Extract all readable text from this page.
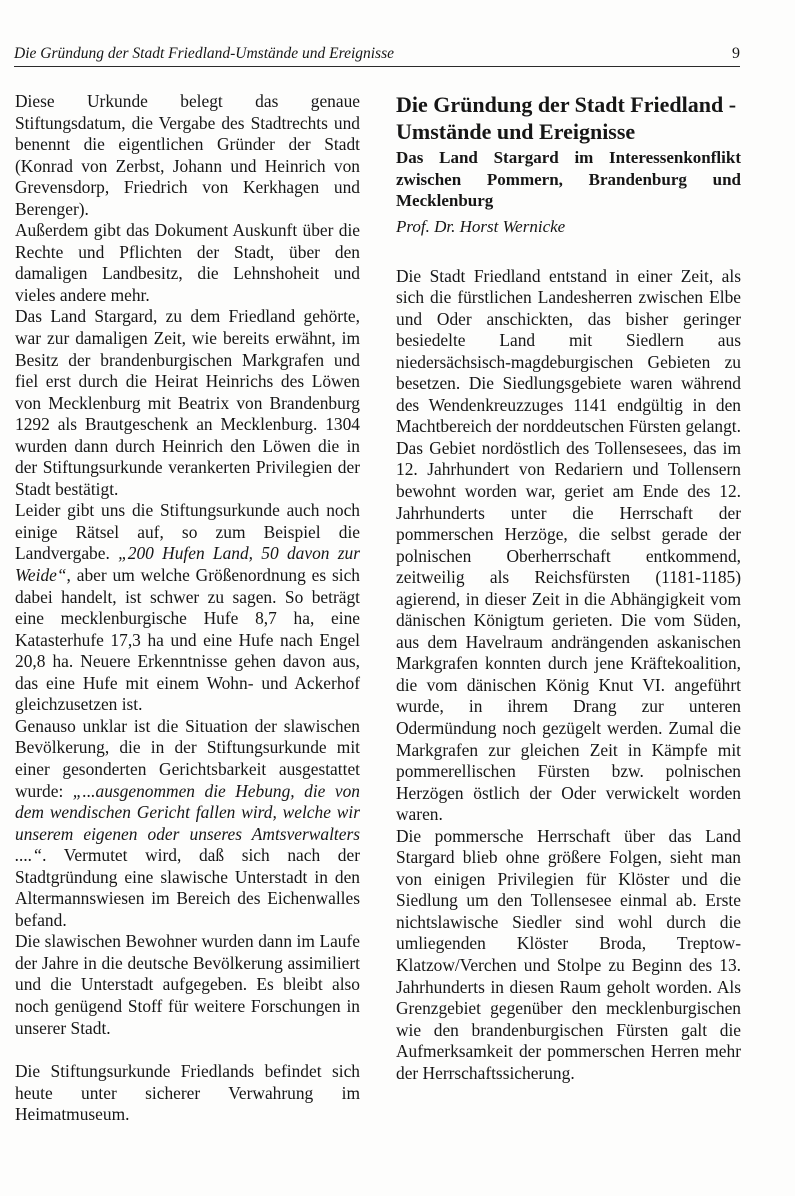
Die Gründung der Stadt Friedland-Umstände und Ereignisse	9

Diese Urkunde belegt das genaue Stiftungsdatum, die Vergabe des Stadtrechts und benennt die eigentlichen Gründer der Stadt (Konrad von Zerbst, Johann und Heinrich von Grevensdorp, Friedrich von Kerkhagen und Berenger).

Außerdem gibt das Dokument Auskunft über die Rechte und Pflichten der Stadt, über den damaligen Landbesitz, die Lehnshoheit und vieles andere mehr.

Das Land Stargard, zu dem Friedland gehörte, war zur damaligen Zeit, wie bereits erwähnt, im Besitz der brandenburgischen Markgrafen und fiel erst durch die Heirat Heinrichs des Löwen von Mecklenburg mit Beatrix von Brandenburg 1292 als Brautgeschenk an Mecklenburg. 1304 wurden dann durch Heinrich den Löwen die in der Stiftungsurkunde verankerten Privilegien der Stadt bestätigt.

Leider gibt uns die Stiftungsurkunde auch noch einige Rätsel auf, so zum Beispiel die Landvergabe. „200 Hufen Land, 50 davon zur Weide“, aber um welche Größenordnung es sich dabei handelt, ist schwer zu sagen. So beträgt eine mecklenburgische Hufe 8,7 ha, eine Katasterhufe 17,3 ha und eine Hufe nach Engel 20,8 ha. Neuere Erkenntnisse gehen davon aus, das eine Hufe mit einem Wohn- und Ackerhof gleichzusetzen ist.

Genauso unklar ist die Situation der slawischen Bevölkerung, die in der Stiftungsurkunde mit einer gesonderten Gerichtsbarkeit ausgestattet wurde: „...ausgenommen die Hebung, die von dem wendischen Gericht fallen wird, welche wir unserem eigenen oder unseres Amtsverwalters ....“. Vermutet wird, daß sich nach der Stadtgründung eine slawische Unterstadt in den Altermannswiesen im Bereich des Eichenwalles befand.

Die slawischen Bewohner wurden dann im Laufe der Jahre in die deutsche Bevölkerung assimiliert und die Unterstadt aufgegeben. Es bleibt also noch genügend Stoff für weitere Forschungen in unserer Stadt.

Die Stiftungsurkunde Friedlands befindet sich heute unter sicherer Verwahrung im Heimatmuseum.

Die Gründung der Stadt Friedland - Umstände und Ereignisse
Das Land Stargard im Interessenkonflikt zwischen Pommern, Brandenburg und Mecklenburg

Prof. Dr. Horst Wernicke

Die Stadt Friedland entstand in einer Zeit, als sich die fürstlichen Landesherren zwischen Elbe und Oder anschickten, das bisher geringer besiedelte Land mit Siedlern aus niedersächsisch-magdeburgischen Gebieten zu besetzen. Die Siedlungsgebiete waren während des Wendenkreuzzuges 1141 endgültig in den Machtbereich der norddeutschen Fürsten gelangt. Das Gebiet nordöstlich des Tollensesees, das im 12. Jahrhundert von Redariern und Tollensern bewohnt worden war, geriet am Ende des 12. Jahrhunderts unter die Herrschaft der pommerschen Herzöge, die selbst gerade der polnischen Oberherrschaft entkommend, zeitweilig als Reichsfürsten (1181-1185) agierend, in dieser Zeit in die Abhängigkeit vom dänischen Königtum gerieten. Die vom Süden, aus dem Havelraum andrängenden askanischen Markgrafen konnten durch jene Kräftekoalition, die vom dänischen König Knut VI. angeführt wurde, in ihrem Drang zur unteren Odermündung noch gezügelt werden. Zumal die Markgrafen zur gleichen Zeit in Kämpfe mit pommerellischen Fürsten bzw. polnischen Herzögen östlich der Oder verwickelt worden waren.

Die pommersche Herrschaft über das Land Stargard blieb ohne größere Folgen, sieht man von einigen Privilegien für Klöster und die Siedlung um den Tollensesee einmal ab. Erste nichtslawische Siedler sind wohl durch die umliegenden Klöster Broda, Treptow-Klatzow/Verchen und Stolpe zu Beginn des 13. Jahrhunderts in diesen Raum geholt worden. Als Grenzgebiet gegenüber den mecklenburgischen wie den brandenburgischen Fürsten galt die Aufmerksamkeit der pommerschen Herren mehr der Herrschaftssicherung.
